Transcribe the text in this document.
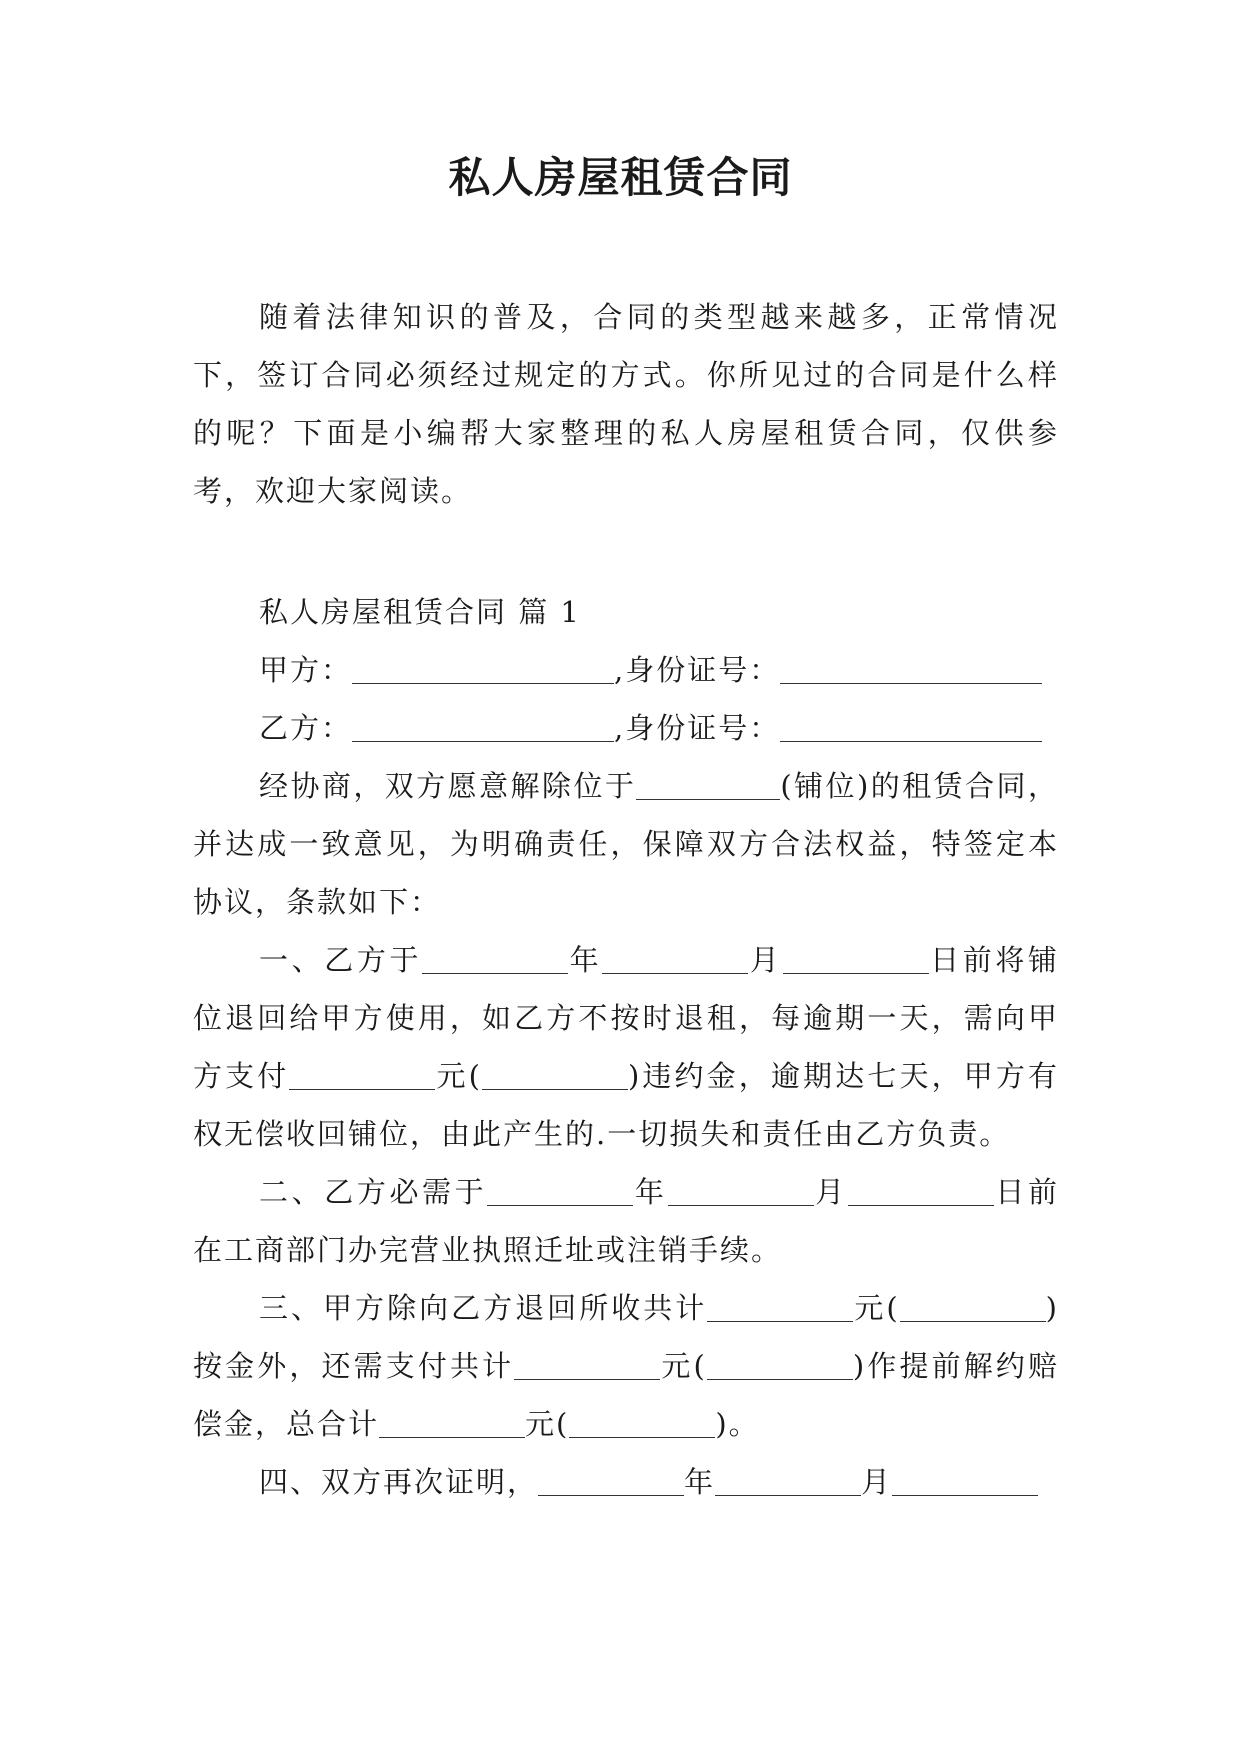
私人房屋租赁合同

随着法律知识的普及，合同的类型越来越多，正常情况下，签订合同必须经过规定的方式。你所见过的合同是什么样的呢？下面是小编帮大家整理的私人房屋租赁合同，仅供参考，欢迎大家阅读。

私人房屋租赁合同 篇 1

甲方：	,身份证号：

乙方：	,身份证号：

经协商，双方愿意解除位于	(铺位)的租赁合同，并达成一致意见，为明确责任，保障双方合法权益，特签定本协议，条款如下：

一、乙方于	年	月	日前将铺位退回给甲方使用，如乙方不按时退租，每逾期一天，需向甲方支付	元(	)违约金，逾期达七天，甲方有权无偿收回铺位，由此产生的.一切损失和责任由乙方负责。

二、乙方必需于	年	月	日前在工商部门办完营业执照迁址或注销手续。

三、甲方除向乙方退回所收共计	元(	)按金外，还需支付共计	元(	)作提前解约赔偿金，总合计	元(	)。

四、双方再次证明，	年	月
